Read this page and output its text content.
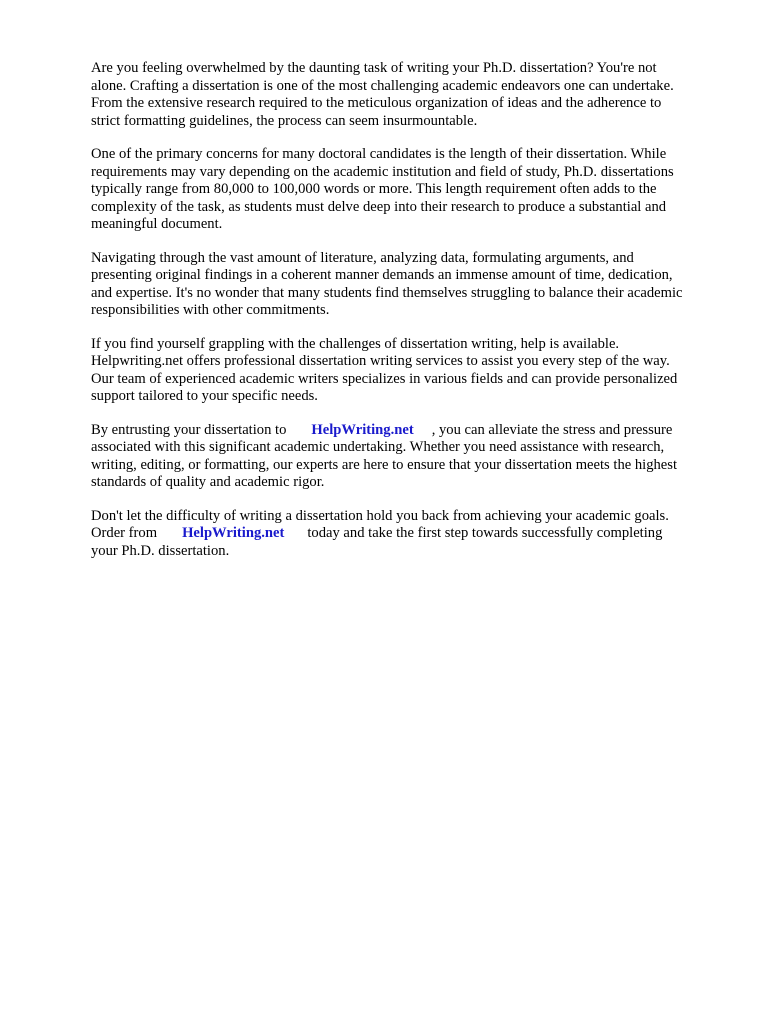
Are you feeling overwhelmed by the daunting task of writing your Ph.D. dissertation? You're not
alone. Crafting a dissertation is one of the most challenging academic endeavors one can undertake.
From the extensive research required to the meticulous organization of ideas and the adherence to
strict formatting guidelines, the process can seem insurmountable.

One of the primary concerns for many doctoral candidates is the length of their dissertation. While
requirements may vary depending on the academic institution and field of study, Ph.D. dissertations
typically range from 80,000 to 100,000 words or more. This length requirement often adds to the
complexity of the task, as students must delve deep into their research to produce a substantial and
meaningful document.

Navigating through the vast amount of literature, analyzing data, formulating arguments, and
presenting original findings in a coherent manner demands an immense amount of time, dedication,
and expertise. It's no wonder that many students find themselves struggling to balance their academic
responsibilities with other commitments.

If you find yourself grappling with the challenges of dissertation writing, help is available.
Helpwriting.net offers professional dissertation writing services to assist you every step of the way.
Our team of experienced academic writers specializes in various fields and can provide personalized
support tailored to your specific needs.

By entrusting your dissertation to HelpWriting.net , you can alleviate the stress and pressure
associated with this significant academic undertaking. Whether you need assistance with research,
writing, editing, or formatting, our experts are here to ensure that your dissertation meets the highest
standards of quality and academic rigor.

Don't let the difficulty of writing a dissertation hold you back from achieving your academic goals.
Order from HelpWriting.net today and take the first step towards successfully completing
your Ph.D. dissertation.
